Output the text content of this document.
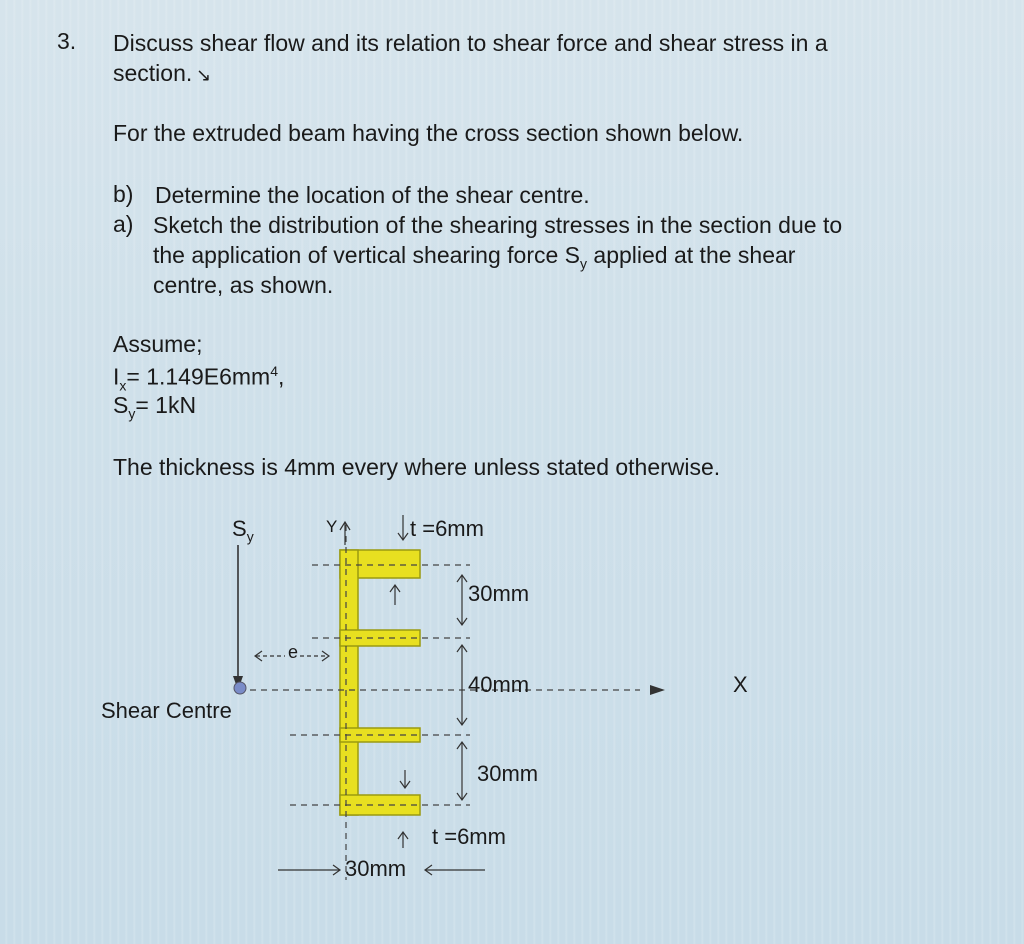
3. Discuss shear flow and its relation to shear force and shear stress in a
section. ↘
For the extruded beam having the cross section shown below.
b) Determine the location of the shear centre.
a) Sketch the distribution of the shearing stresses in the section due to
the application of vertical shearing force $S_y$ applied at the shear
centre, as shown.
Assume;
$I_x= 1.149E6mm^4$,
$S_y= 1kN$
The thickness is 4mm every where unless stated otherwise.
$S_y$
Y	t =6mm
30mm
e
40mm	X
Shear Centre
30mm
t =6mm
30mm
